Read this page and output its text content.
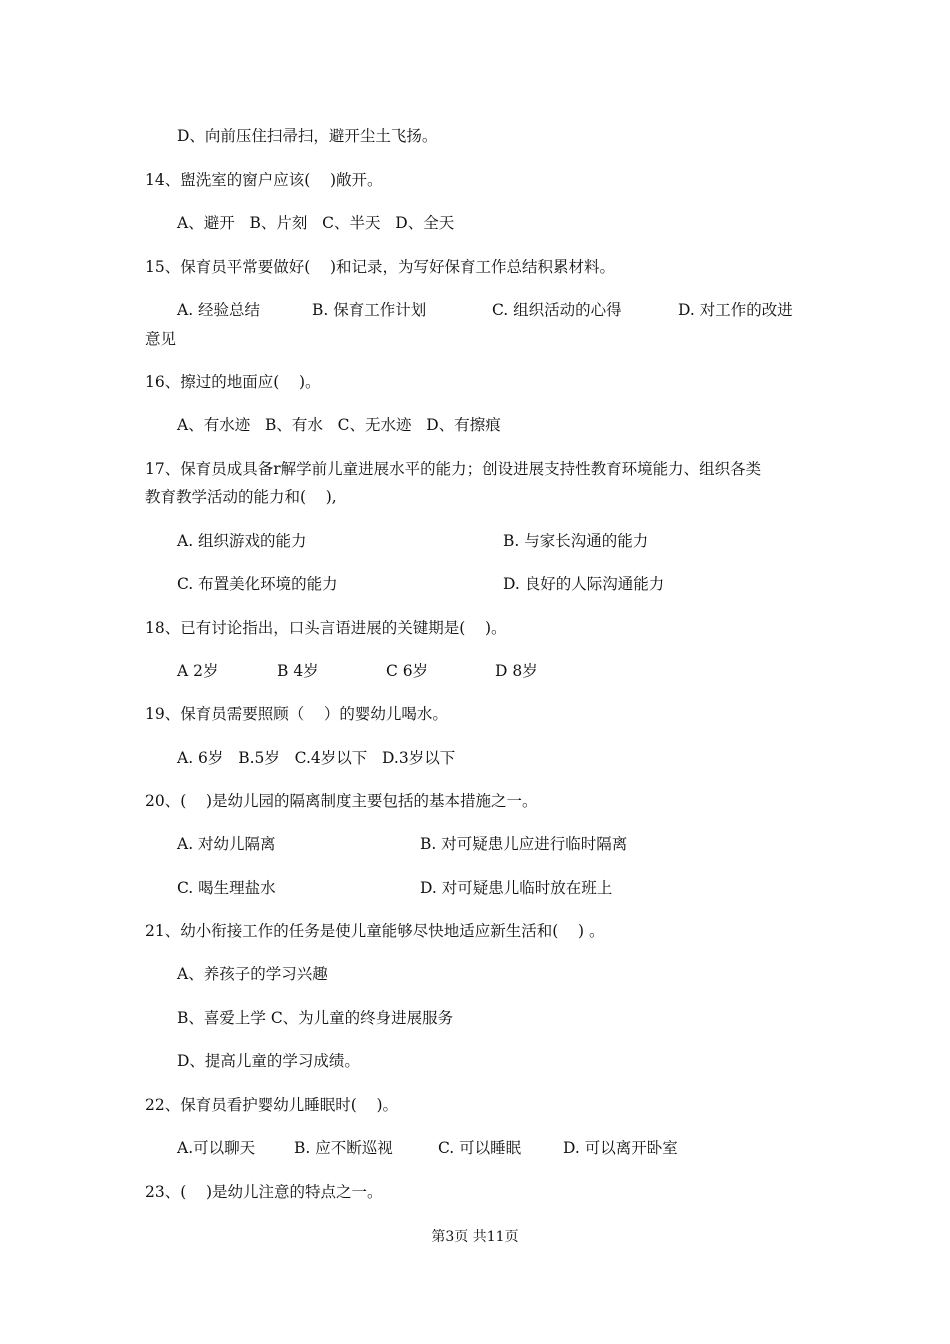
D、向前压住扫帚扫，避开尘土飞扬。
14、盥洗室的窗户应该(    )敞开。
A、避开   B、片刻   C、半天   D、全天
15、保育员平常要做好(    )和记录，为写好保育工作总结积累材料。
A. 经验总结	B. 保育工作计划	C. 组织活动的心得	D. 对工作的改进
意见
16、擦过的地面应(    )。
A、有水迹   B、有水   C、无水迹   D、有擦痕
17、保育员成具备r解学前儿童进展水平的能力；创设进展支持性教育环境能力、组织各类
教育教学活动的能力和(    ),
A. 组织游戏的能力	B. 与家长沟通的能力
C. 布置美化环境的能力	D. 良好的人际沟通能力
18、已有讨论指出，口头言语进展的关键期是(    )。
A 2岁	B 4岁	C 6岁	D 8岁
19、保育员需要照顾（    ）的婴幼儿喝水。
A. 6岁   B.5岁   C.4岁以下   D.3岁以下
20、(    )是幼儿园的隔离制度主要包括的基本措施之一。
A. 对幼儿隔离	B. 对可疑患儿应进行临时隔离
C. 喝生理盐水	D. 对可疑患儿临时放在班上
21、幼小衔接工作的任务是使儿童能够尽快地适应新生活和(    ) 。
A、养孩子的学习兴趣
B、喜爱上学 C、为儿童的终身进展服务
D、提高儿童的学习成绩。
22、保育员看护婴幼儿睡眠时(    )。
A.可以聊天	B. 应不断巡视	C. 可以睡眠	D. 可以离开卧室
23、(    )是幼儿注意的特点之一。
第3页 共11页
